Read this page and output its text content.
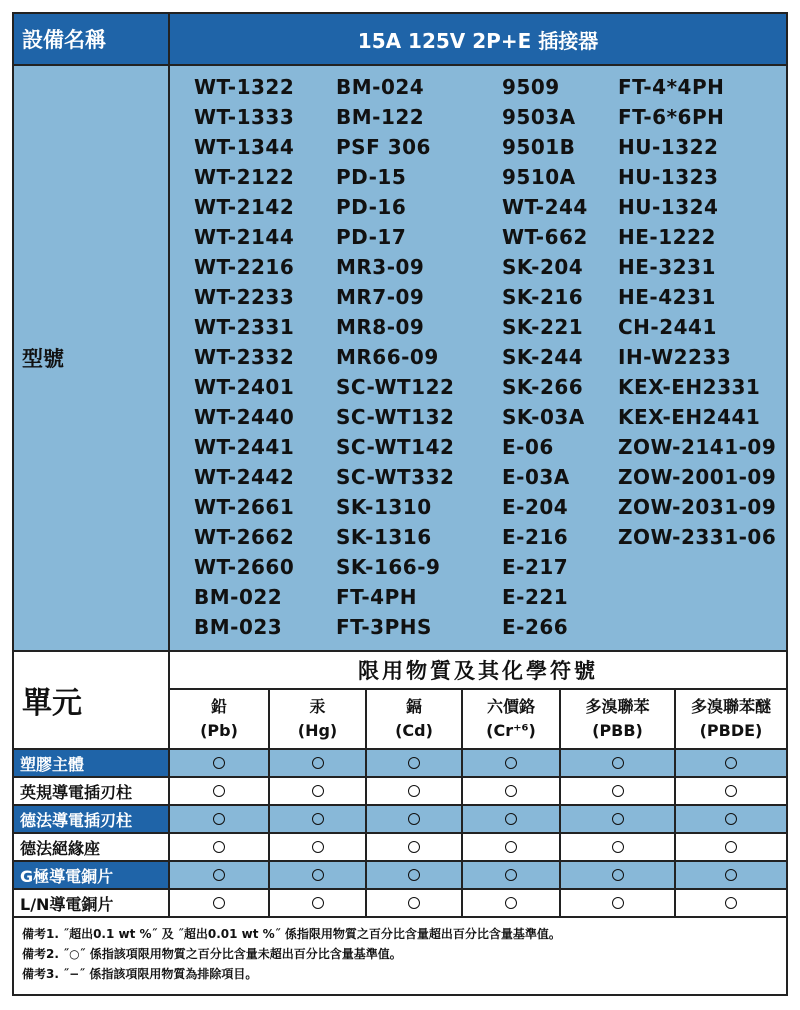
設備名稱	15A 125V 2P+E 插接器
型號
WT-1322
WT-1333
WT-1344
WT-2122
WT-2142
WT-2144
WT-2216
WT-2233
WT-2331
WT-2332
WT-2401
WT-2440
WT-2441
WT-2442
WT-2661
WT-2662
WT-2660
BM-022
BM-023
BM-024
BM-122
PSF 306
PD-15
PD-16
PD-17
MR3-09
MR7-09
MR8-09
MR66-09
SC-WT122
SC-WT132
SC-WT142
SC-WT332
SK-1310
SK-1316
SK-166-9
FT-4PH
FT-3PHS
9509
9503A
9501B
9510A
WT-244
WT-662
SK-204
SK-216
SK-221
SK-244
SK-266
SK-03A
E-06
E-03A
E-204
E-216
E-217
E-221
E-266
FT-4*4PH
FT-6*6PH
HU-1322
HU-1323
HU-1324
HE-1222
HE-3231
HE-4231
CH-2441
IH-W2233
KEX-EH2331
KEX-EH2441
ZOW-2141-09
ZOW-2001-09
ZOW-2031-09
ZOW-2331-06
單元
限用物質及其化學符號
鉛
(Pb)
汞
(Hg)
鎘
(Cd)
六價鉻
(Cr⁺⁶)
多溴聯苯
(PBB)
多溴聯苯醚
(PBDE)
塑膠主體
英規導電插刃柱
德法導電插刃柱
德法絕緣座
G極導電銅片
L/N導電銅片
備考1. ˝超出0.1 wt %˝ 及 ˝超出0.01 wt %˝ 係指限用物質之百分比含量超出百分比含量基準值。
備考2. ˝○˝ 係指該項限用物質之百分比含量未超出百分比含量基準值。
備考3. ˝−˝ 係指該項限用物質為排除項目。
